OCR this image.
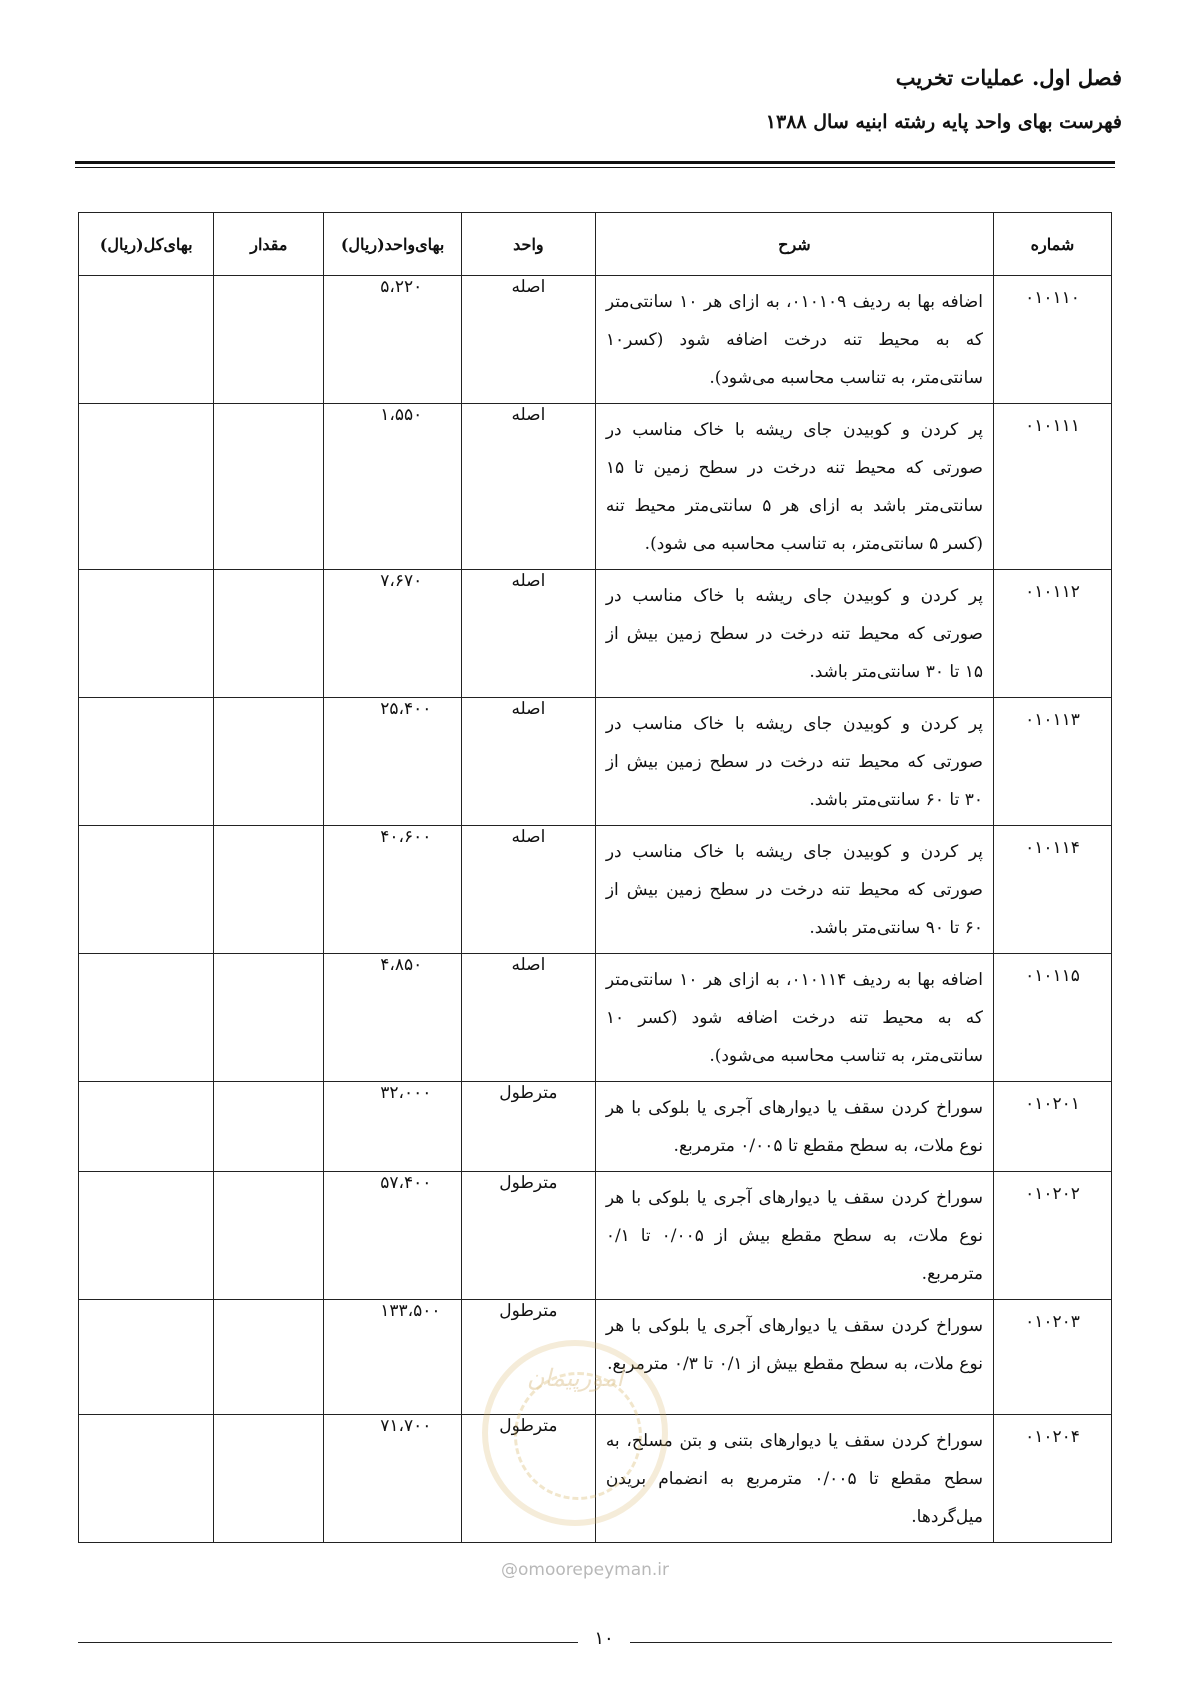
فصل اول. عملیات تخریب
فهرست بهای واحد پایه رشته ابنیه سال ۱۳۸۸
شماره	شرح	واحد	بهای‌واحد(ریال)	مقدار	بهای‌کل(ریال)
۰۱۰۱۱۰	اضافه بها به ردیف ۰۱۰۱۰۹، به ازای هر ۱۰ سانتی‌متر که به محیط تنه درخت اضافه شود (کسر۱۰ سانتی‌متر، به تناسب محاسبه می‌شود).	اصله	۵،۲۲۰		
۰۱۰۱۱۱	پر کردن و کوبیدن جای ریشه با خاک مناسب در صورتی که محیط تنه درخت در سطح زمین تا ۱۵ سانتی‌متر باشد به ازای هر ۵ سانتی‌متر محیط تنه (کسر ۵ سانتی‌متر، به تناسب محاسبه می شود).	اصله	۱،۵۵۰		
۰۱۰۱۱۲	پر کردن و کوبیدن جای ریشه با خاک مناسب در صورتی که محیط تنه درخت در سطح زمین بیش از ۱۵ تا ۳۰ سانتی‌متر باشد.	اصله	۷،۶۷۰		
۰۱۰۱۱۳	پر کردن و کوبیدن جای ریشه با خاک مناسب در صورتی که محیط تنه درخت در سطح زمین بیش از ۳۰ تا ۶۰ سانتی‌متر باشد.	اصله	۲۵،۴۰۰		
۰۱۰۱۱۴	پر کردن و کوبیدن جای ریشه با خاک مناسب در صورتی که محیط تنه درخت در سطح زمین بیش از ۶۰ تا ۹۰ سانتی‌متر باشد.	اصله	۴۰،۶۰۰		
۰۱۰۱۱۵	اضافه بها به ردیف ۰۱۰۱۱۴، به ازای هر ۱۰ سانتی‌متر که به محیط تنه درخت اضافه شود (کسر ۱۰ سانتی‌متر، به تناسب محاسبه می‌شود).	اصله	۴،۸۵۰		
۰۱۰۲۰۱	سوراخ کردن سقف یا دیوارهای آجری یا بلوکی با هر نوع ملات، به سطح مقطع تا ۰/۰۰۵ مترمربع.	مترطول	۳۲،۰۰۰		
۰۱۰۲۰۲	سوراخ کردن سقف یا دیوارهای آجری یا بلوکی با هر نوع ملات، به سطح مقطع بیش از ۰/۰۰۵ تا ۰/۱ مترمربع.	مترطول	۵۷،۴۰۰		
۰۱۰۲۰۳	سوراخ کردن سقف یا دیوارهای آجری یا بلوکی با هر نوع ملات، به سطح مقطع بیش از ۰/۱ تا ۰/۳ مترمربع.	مترطول	۱۳۳،۵۰۰		
۰۱۰۲۰۴	سوراخ کردن سقف یا دیوارهای بتنی و بتن مسلح، به سطح مقطع تا ۰/۰۰۵ مترمربع به انضمام بریدن میل‌گردها.	مترطول	۷۱،۷۰۰		
امورپیمان
@omoorepeyman.ir
۱۰
